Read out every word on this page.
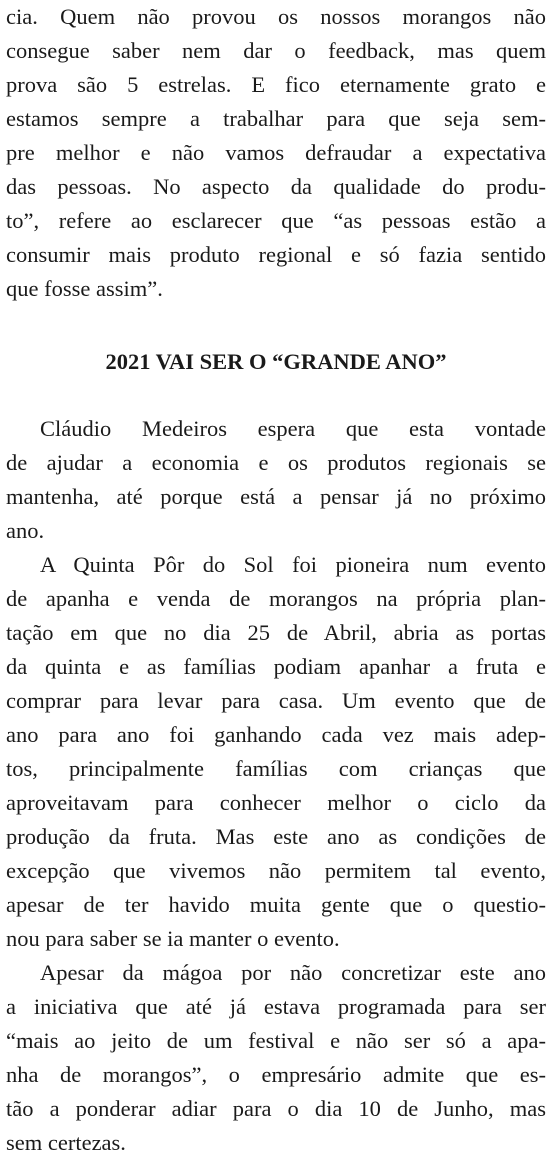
cia. Quem não provou os nossos morangos não
consegue saber nem dar o feedback, mas quem
prova são 5 estrelas. E fico eternamente grato e
estamos sempre a trabalhar para que seja sem-
pre melhor e não vamos defraudar a expectativa
das pessoas. No aspecto da qualidade do produ-
to”, refere ao esclarecer que “as pessoas estão a
consumir mais produto regional e só fazia sentido
que fosse assim”.
2021 VAI SER O “GRANDE ANO”
Cláudio Medeiros espera que esta vontade
de ajudar a economia e os produtos regionais se
mantenha, até porque está a pensar já no próximo
ano.
A Quinta Pôr do Sol foi pioneira num evento
de apanha e venda de morangos na própria plan-
tação em que no dia 25 de Abril, abria as portas
da quinta e as famílias podiam apanhar a fruta e
comprar para levar para casa. Um evento que de
ano para ano foi ganhando cada vez mais adep-
tos, principalmente famílias com crianças que
aproveitavam para conhecer melhor o ciclo da
produção da fruta. Mas este ano as condições de
excepção que vivemos não permitem tal evento,
apesar de ter havido muita gente que o questio-
nou para saber se ia manter o evento.
Apesar da mágoa por não concretizar este ano
a iniciativa que até já estava programada para ser
“mais ao jeito de um festival e não ser só a apa-
nha de morangos”, o empresário admite que es-
tão a ponderar adiar para o dia 10 de Junho, mas
sem certezas.
